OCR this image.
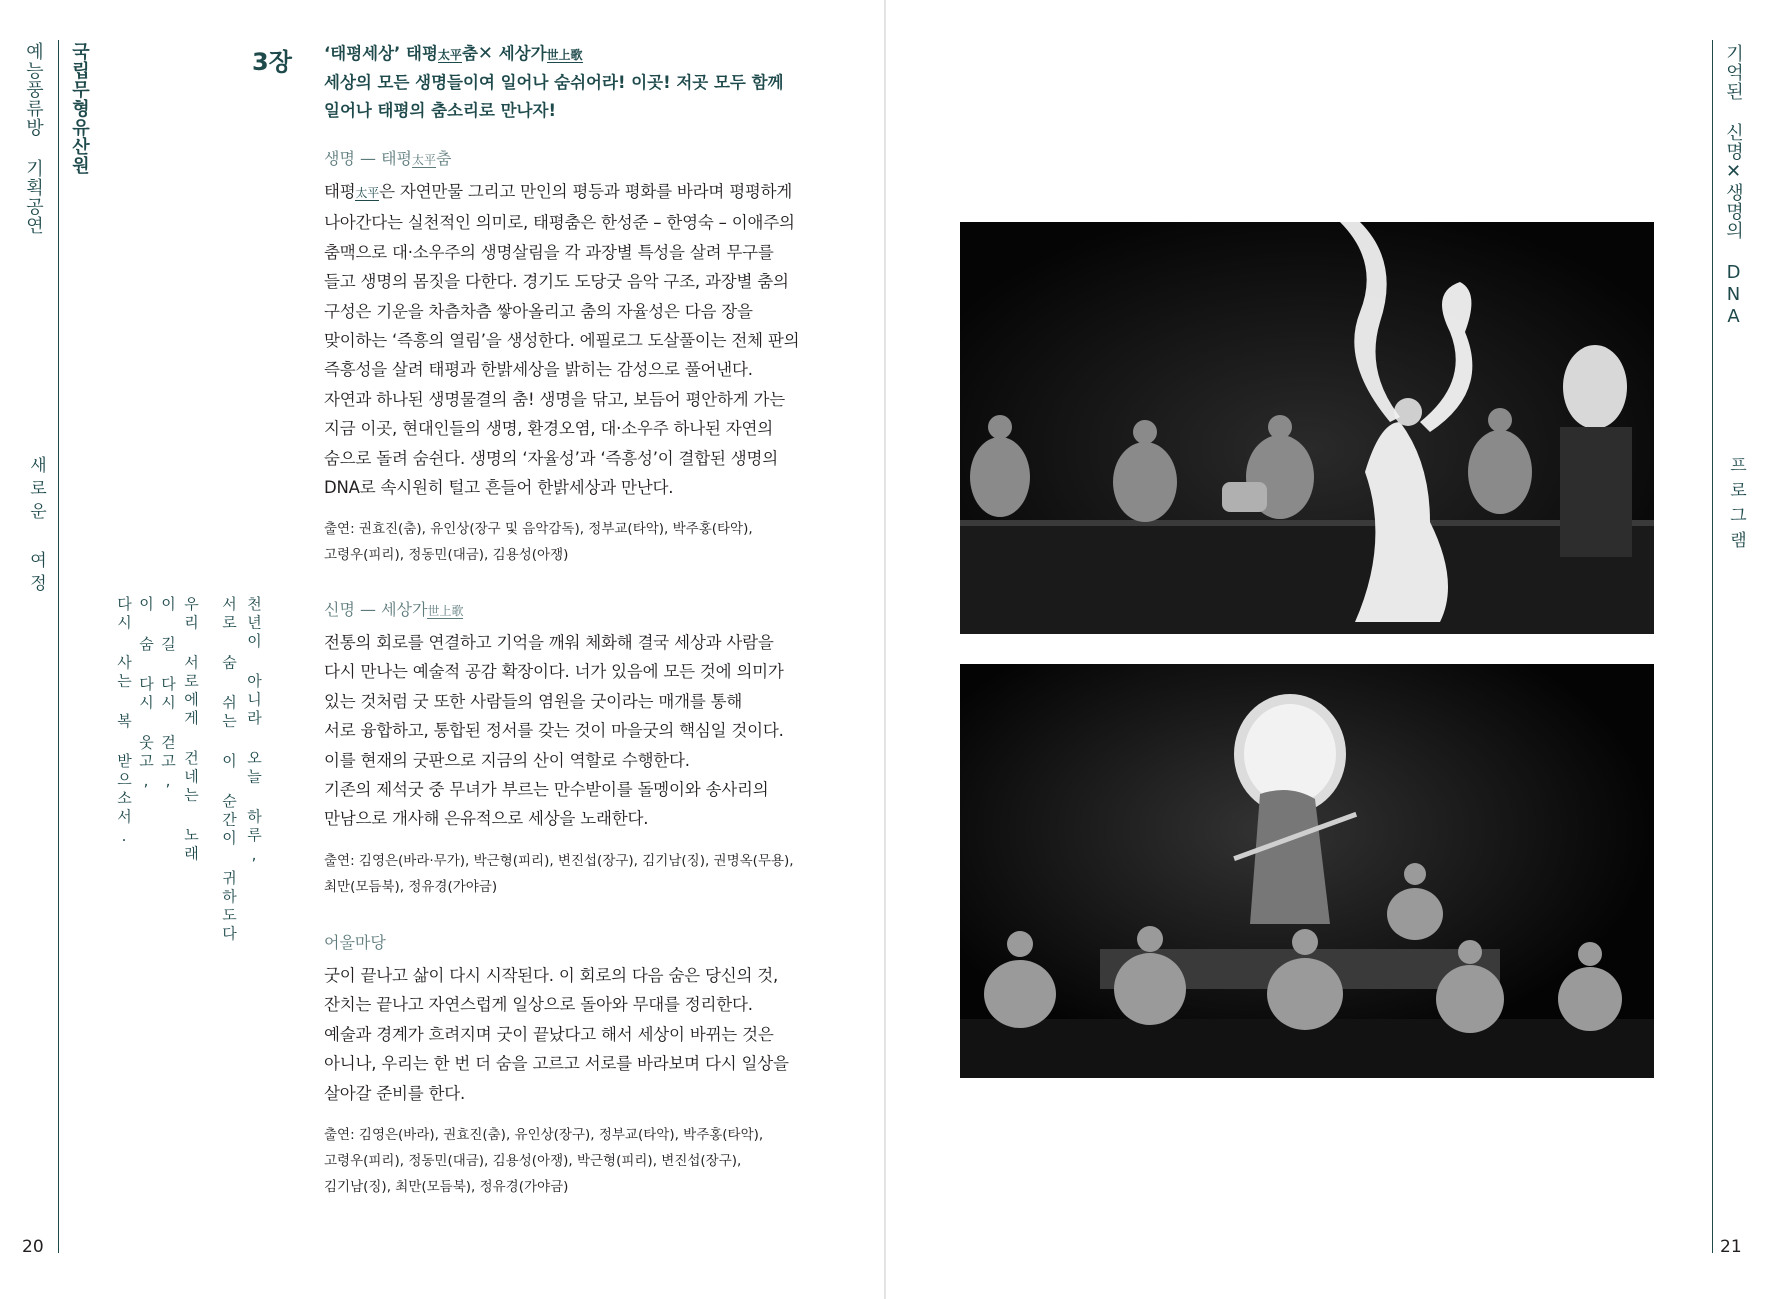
예능풍류방 기획공연 국립무형유산원
새로운 여정
20
3장 ‘태평세상’ 태평太平춤✕ 세상가世上歌
세상의 모든 생명들이여 일어나 숨쉬어라! 이곳! 저곳 모두 함께
일어나 태평의 춤소리로 만나자!

생명 — 태평太平춤

태평太平은 자연만물 그리고 만인의 평등과 평화를 바라며 평평하게
나아간다는 실천적인 의미로, 태평춤은 한성준 – 한영숙 – 이애주의
춤맥으로 대·소우주의 생명살림을 각 과장별 특성을 살려 무구를
들고 생명의 몸짓을 다한다. 경기도 도당굿 음악 구조, 과장별 춤의
구성은 기운을 차츰차츰 쌓아올리고 춤의 자율성은 다음 장을
맞이하는 ‘즉흥의 열림’을 생성한다. 에필로그 도살풀이는 전체 판의
즉흥성을 살려 태평과 한밝세상을 밝히는 감성으로 풀어낸다.
자연과 하나된 생명물결의 춤! 생명을 닦고, 보듬어 평안하게 가는
지금 이곳, 현대인들의 생명, 환경오염, 대·소우주 하나된 자연의
숨으로 돌려 숨쉰다. 생명의 ‘자율성’과 ‘즉흥성’이 결합된 생명의
DNA로 속시원히 털고 흔들어 한밝세상과 만난다.

출연: 권효진(춤), 유인상(장구 및 음악감독), 정부교(타악), 박주홍(타악),
고령우(피리), 정동민(대금), 김용성(아쟁)

신명 — 세상가世上歌

전통의 회로를 연결하고 기억을 깨워 체화해 결국 세상과 사람을
다시 만나는 예술적 공감 확장이다. 너가 있음에 모든 것에 의미가
있는 것처럼 굿 또한 사람들의 염원을 굿이라는 매개를 통해
서로 융합하고, 통합된 정서를 갖는 것이 마을굿의 핵심일 것이다.
이를 현재의 굿판으로 지금의 산이 역할로 수행한다.
기존의 제석굿 중 무녀가 부르는 만수받이를 돌멩이와 송사리의
만남으로 개사해 은유적으로 세상을 노래한다.

출연: 김영은(바라·무가), 박근형(피리), 변진섭(장구), 김기남(징), 권명옥(무용),
최만(모듬북), 정유경(가야금)

어울마당

굿이 끝나고 삶이 다시 시작된다. 이 회로의 다음 숨은 당신의 것,
잔치는 끝나고 자연스럽게 일상으로 돌아와 무대를 정리한다.
예술과 경계가 흐려지며 굿이 끝났다고 해서 세상이 바뀌는 것은
아니나, 우리는 한 번 더 숨을 고르고 서로를 바라보며 다시 일상을
살아갈 준비를 한다.

출연: 김영은(바라), 권효진(춤), 유인상(장구), 정부교(타악), 박주홍(타악),
고령우(피리), 정동민(대금), 김용성(아쟁), 박근형(피리), 변진섭(장구),
김기남(징), 최만(모듬북), 정유경(가야금)

천년이 아니라 오늘 하루,
서로 숨 쉬는 이 순간이 귀하도다
우리 서로에게 건네는 노래
이 길 다시 걷고,
이 숨 다시 웃고,
다시 사는 복 받으소서.
기억된 신명✕생명의 DNA
프로그램
21
